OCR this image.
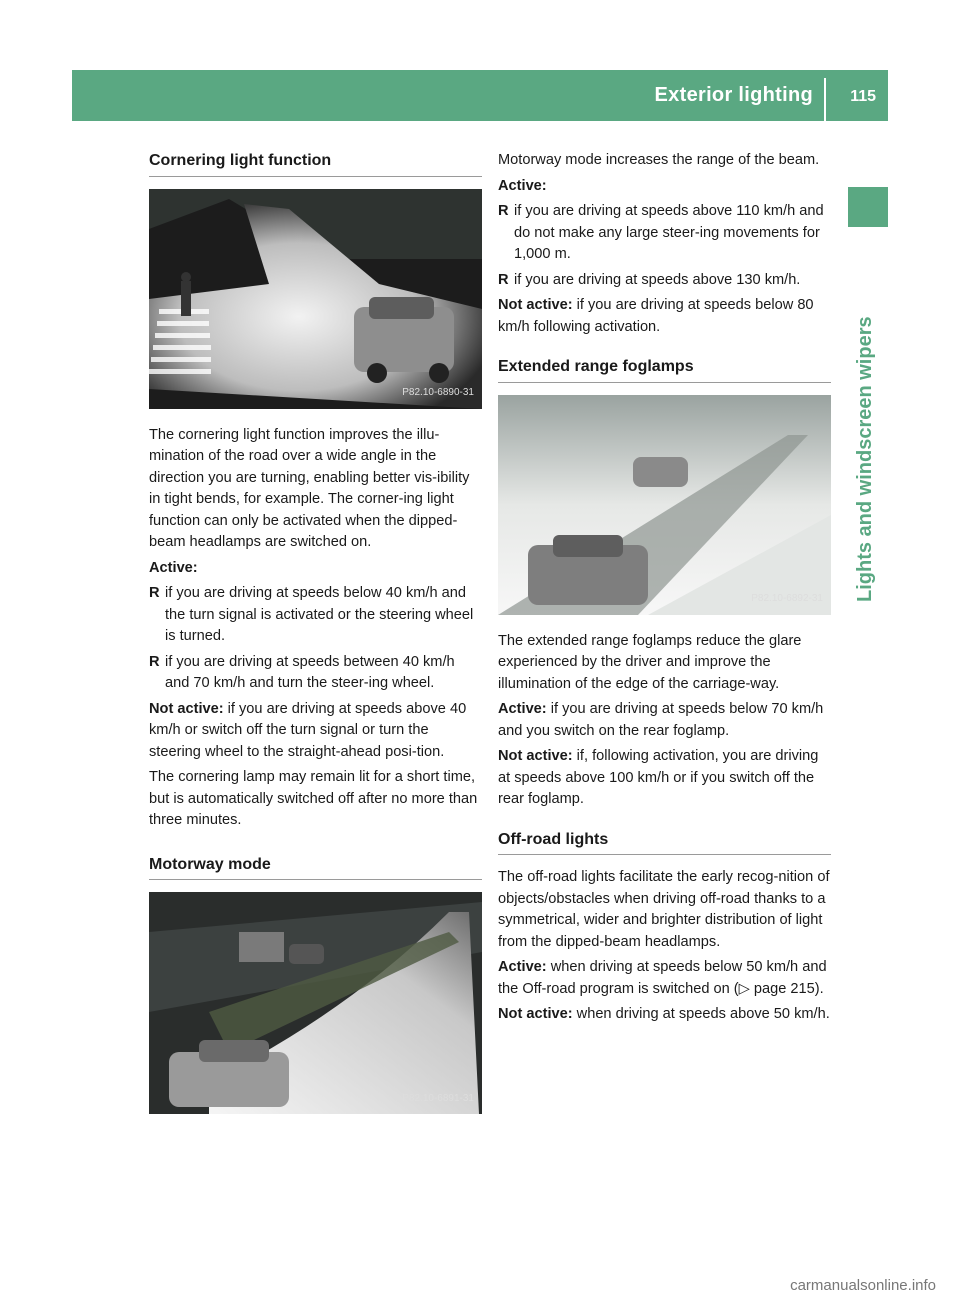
Exterior lighting 115
Lights and windscreen wipers
Cornering light function
P82.10-6890-31

The cornering light function improves the illu-mination of the road over a wide angle in the direction you are turning, enabling better vis-ibility in tight bends, for example. The corner-ing light function can only be activated when the dipped-beam headlamps are switched on.

Active:

R if you are driving at speeds below 40 km/h and the turn signal is activated or the steering wheel is turned.
R if you are driving at speeds between 40 km/h and 70 km/h and turn the steer-ing wheel.

Not active: if you are driving at speeds above 40 km/h or switch off the turn signal or turn the steering wheel to the straight-ahead posi-tion.

The cornering lamp may remain lit for a short time, but is automatically switched off after no more than three minutes.

Motorway mode
P82.10-6891-31

Motorway mode increases the range of the beam.

Active:

R if you are driving at speeds above 110 km/h and do not make any large steer-ing movements for 1,000 m.
R if you are driving at speeds above 130 km/h.

Not active: if you are driving at speeds below 80 km/h following activation.

Extended range foglamps
P82.10-6892-31

The extended range foglamps reduce the glare experienced by the driver and improve the illumination of the edge of the carriage-way.

Active: if you are driving at speeds below 70 km/h and you switch on the rear foglamp.

Not active: if, following activation, you are driving at speeds above 100 km/h or if you switch off the rear foglamp.

Off-road lights

The off-road lights facilitate the early recog-nition of objects/obstacles when driving off-road thanks to a symmetrical, wider and brighter distribution of light from the dipped-beam headlamps.

Active: when driving at speeds below 50 km/h and the Off-road program is switched on (▷ page 215).

Not active: when driving at speeds above 50 km/h.

carmanualsonline.info
